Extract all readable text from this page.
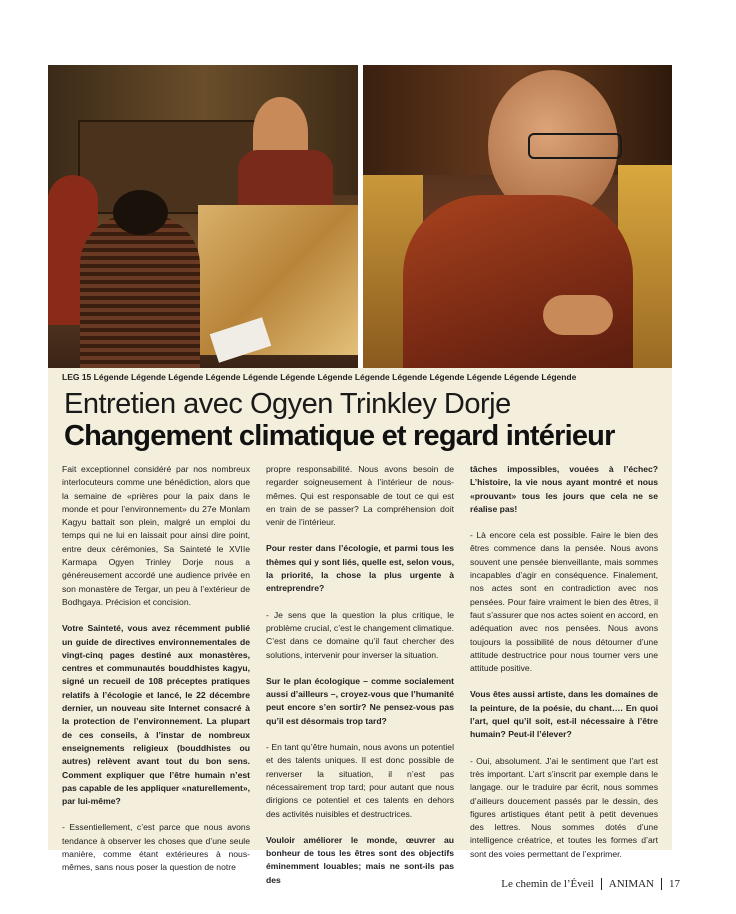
LEG 15 Légende Légende Légende Légende Légende Légende Légende Légende Légende Légende Légende Légende Légende
Entretien avec Ogyen Trinkley Dorje
Changement climatique et regard intérieur

Fait exceptionnel considéré par nos nombreux interlocuteurs comme une bénédiction, alors que la semaine de «prières pour la paix dans le monde et pour l’environnement» du 27e Monlam Kagyu battait son plein, malgré un emploi du temps qui ne lui en laissait pour ainsi dire point, entre deux cérémonies, Sa Sainteté le XVIIe Karmapa Ogyen Trinley Dorje nous a généreusement accordé une audience privée en son monastère de Tergar, un peu à l’extérieur de Bodhgaya. Précision et concision.

Votre Sainteté, vous avez récemment publié un guide de directives environnementales de vingt-cinq pages destiné aux monastères, centres et communautés bouddhistes kagyu, signé un recueil de 108 préceptes pratiques relatifs à l’écologie et lancé, le 22 décembre dernier, un nouveau site Internet consacré à la protection de l’environnement. La plupart de ces conseils, à l’instar de nombreux enseignements religieux (bouddhistes ou autres) relèvent avant tout du bon sens. Comment expliquer que l’être humain n’est pas capable de les appliquer «naturellement», par lui-même?

- Essentiellement, c’est parce que nous avons tendance à observer les choses que d’une seule manière, comme étant extérieures à nous-mêmes, sans nous poser la question de notre

propre responsabilité. Nous avons besoin de regarder soigneusement à l’intérieur de nous-mêmes. Qui est responsable de tout ce qui est en train de se passer? La compréhension doit venir de l’intérieur.

Pour rester dans l’écologie, et parmi tous les thèmes qui y sont liés, quelle est, selon vous, la priorité, la chose la plus urgente à entreprendre?

- Je sens que la question la plus critique, le problème crucial, c’est le changement climatique. C’est dans ce domaine qu’il faut chercher des solutions, intervenir pour inverser la situation.

Sur le plan écologique – comme socialement aussi d’ailleurs –, croyez-vous que l’humanité peut encore s’en sortir? Ne pensez-vous pas qu’il est désormais trop tard?

- En tant qu’être humain, nous avons un potentiel et des talents uniques. Il est donc possible de renverser la situation, il n’est pas nécessairement trop tard; pour autant que nous dirigions ce potentiel et ces talents en dehors des activités nuisibles et destructrices.

Vouloir améliorer le monde, œuvrer au bonheur de tous les êtres sont des objectifs éminemment louables; mais ne sont-ils pas des

tâches impossibles, vouées à l’échec? L’histoire, la vie nous ayant montré et nous «prouvant» tous les jours que cela ne se réalise pas!

- Là encore cela est possible. Faire le bien des êtres commence dans la pensée. Nous avons souvent une pensée bienveillante, mais sommes incapables d’agir en conséquence. Finalement, nos actes sont en contradiction avec nos pensées. Pour faire vraiment le bien des êtres, il faut s’assurer que nos actes soient en accord, en adéquation avec nos pensées. Nous avons toujours la possibilité de nous détourner d’une attitude destructrice pour nous tourner vers une attitude positive.

Vous êtes aussi artiste, dans les domaines de la peinture, de la poésie, du chant…. En quoi l’art, quel qu’il soit, est-il nécessaire à l’être humain? Peut-il l’élever?

- Oui, absolument. J’ai le sentiment que l’art est très important. L’art s’inscrit par exemple dans le langage. our le traduire par écrit, nous sommes d’ailleurs doucement passés par le dessin, des figures artistiques étant petit à petit devenues des lettres. Nous sommes dotés d’une intelligence créatrice, et toutes les formes d’art sont des voies permettant de l’exprimer.

Le chemin de l’Éveil ANIMAN 17
